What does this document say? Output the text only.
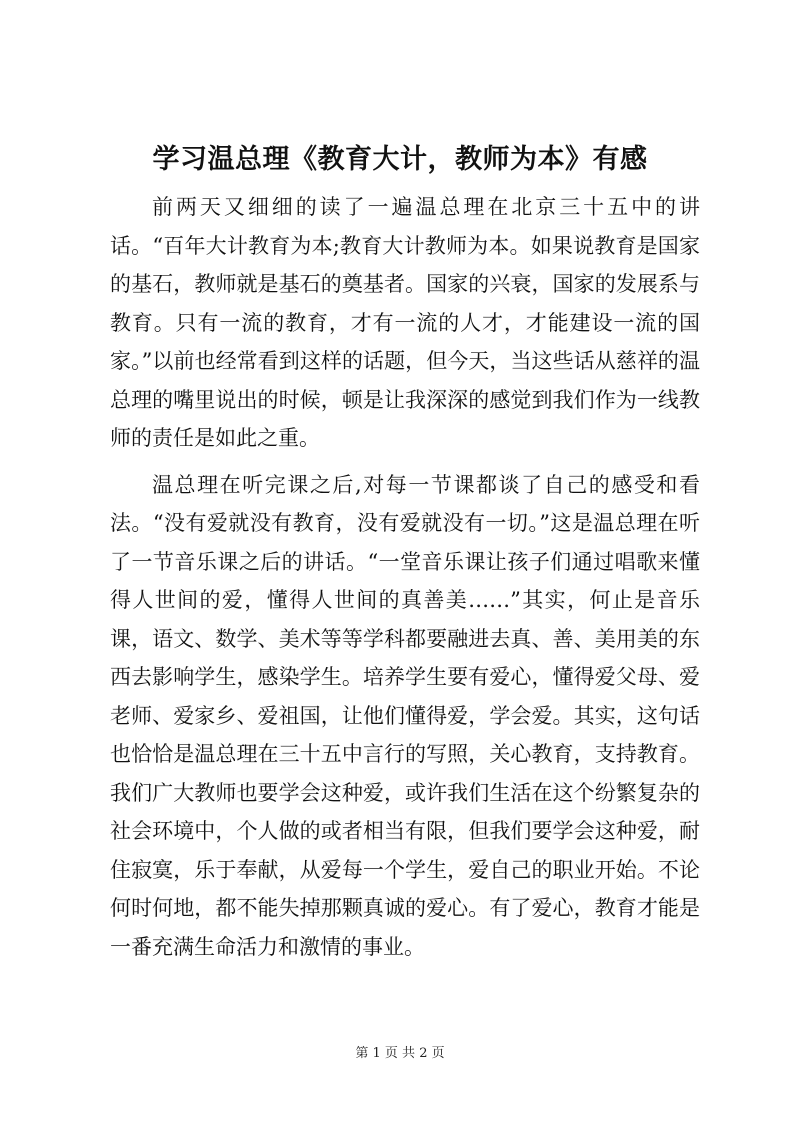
学习温总理《教育大计，教师为本》有感

前两天又细细的读了一遍温总理在北京三十五中的讲话。“百年大计教育为本;教育大计教师为本。如果说教育是国家的基石，教师就是基石的奠基者。国家的兴衰，国家的发展系与教育。只有一流的教育，才有一流的人才，才能建设一流的国家。”以前也经常看到这样的话题，但今天，当这些话从慈祥的温总理的嘴里说出的时候，顿是让我深深的感觉到我们作为一线教师的责任是如此之重。

温总理在听完课之后,对每一节课都谈了自己的感受和看法。“没有爱就没有教育，没有爱就没有一切。”这是温总理在听了一节音乐课之后的讲话。“一堂音乐课让孩子们通过唱歌来懂得人世间的爱，懂得人世间的真善美……”其实，何止是音乐课，语文、数学、美术等等学科都要融进去真、善、美用美的东西去影响学生，感染学生。培养学生要有爱心，懂得爱父母、爱老师、爱家乡、爱祖国，让他们懂得爱，学会爱。其实，这句话也恰恰是温总理在三十五中言行的写照，关心教育，支持教育。我们广大教师也要学会这种爱，或许我们生活在这个纷繁复杂的社会环境中，个人做的或者相当有限，但我们要学会这种爱，耐住寂寞，乐于奉献，从爱每一个学生，爱自己的职业开始。不论何时何地，都不能失掉那颗真诚的爱心。有了爱心，教育才能是一番充满生命活力和激情的事业。

第 1 页 共 2 页
